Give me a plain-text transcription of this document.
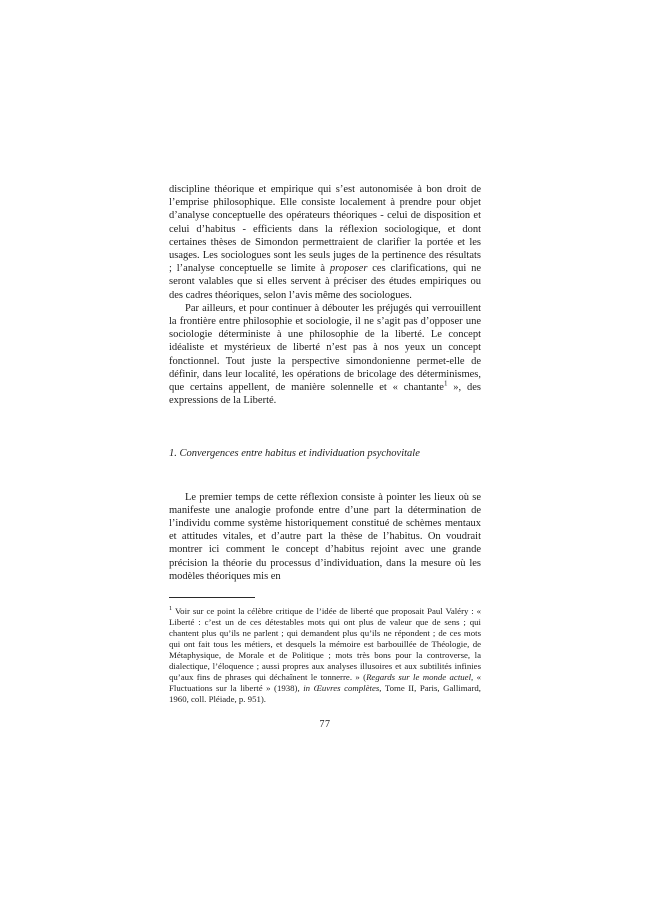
discipline théorique et empirique qui s’est autonomisée à bon droit de l’emprise philosophique. Elle consiste localement à prendre pour objet d’analyse conceptuelle des opérateurs théoriques - celui de disposition et celui d’habitus - efficients dans la réflexion sociologique, et dont certaines thèses de Simondon permettraient de clarifier la portée et les usages. Les sociologues sont les seuls juges de la pertinence des résultats ; l’analyse conceptuelle se limite à proposer ces clarifications, qui ne seront valables que si elles servent à préciser des études empiriques ou des cadres théoriques, selon l’avis même des sociologues.

Par ailleurs, et pour continuer à débouter les préjugés qui verrouillent la frontière entre philosophie et sociologie, il ne s’agit pas d’opposer une sociologie déterministe à une philosophie de la liberté. Le concept idéaliste et mystérieux de liberté n’est pas à nos yeux un concept fonctionnel. Tout juste la perspective simondonienne permet-elle de définir, dans leur localité, les opérations de bricolage des déterminismes, que certains appellent, de manière solennelle et « chantante$^1$ », des expressions de la Liberté.

1. Convergences entre habitus et individuation psychovitale

Le premier temps de cette réflexion consiste à pointer les lieux où se manifeste une analogie profonde entre d’une part la détermination de l’individu comme système historiquement constitué de schèmes mentaux et attitudes vitales, et d’autre part la thèse de l’habitus. On voudrait montrer ici comment le concept d’habitus rejoint avec une grande précision la théorie du processus d’individuation, dans la mesure où les modèles théoriques mis en

$^1$ Voir sur ce point la célèbre critique de l’idée de liberté que proposait Paul Valéry : « Liberté : c’est un de ces détestables mots qui ont plus de valeur que de sens ; qui chantent plus qu’ils ne parlent ; qui demandent plus qu’ils ne répondent ; de ces mots qui ont fait tous les métiers, et desquels la mémoire est barbouillée de Théologie, de Métaphysique, de Morale et de Politique ; mots très bons pour la controverse, la dialectique, l’éloquence ; aussi propres aux analyses illusoires et aux subtilités infinies qu’aux fins de phrases qui déchaînent le tonnerre. » (Regards sur le monde actuel, « Fluctuations sur la liberté » (1938), in Œuvres complètes, Tome II, Paris, Gallimard, 1960, coll. Pléiade, p. 951).

77
